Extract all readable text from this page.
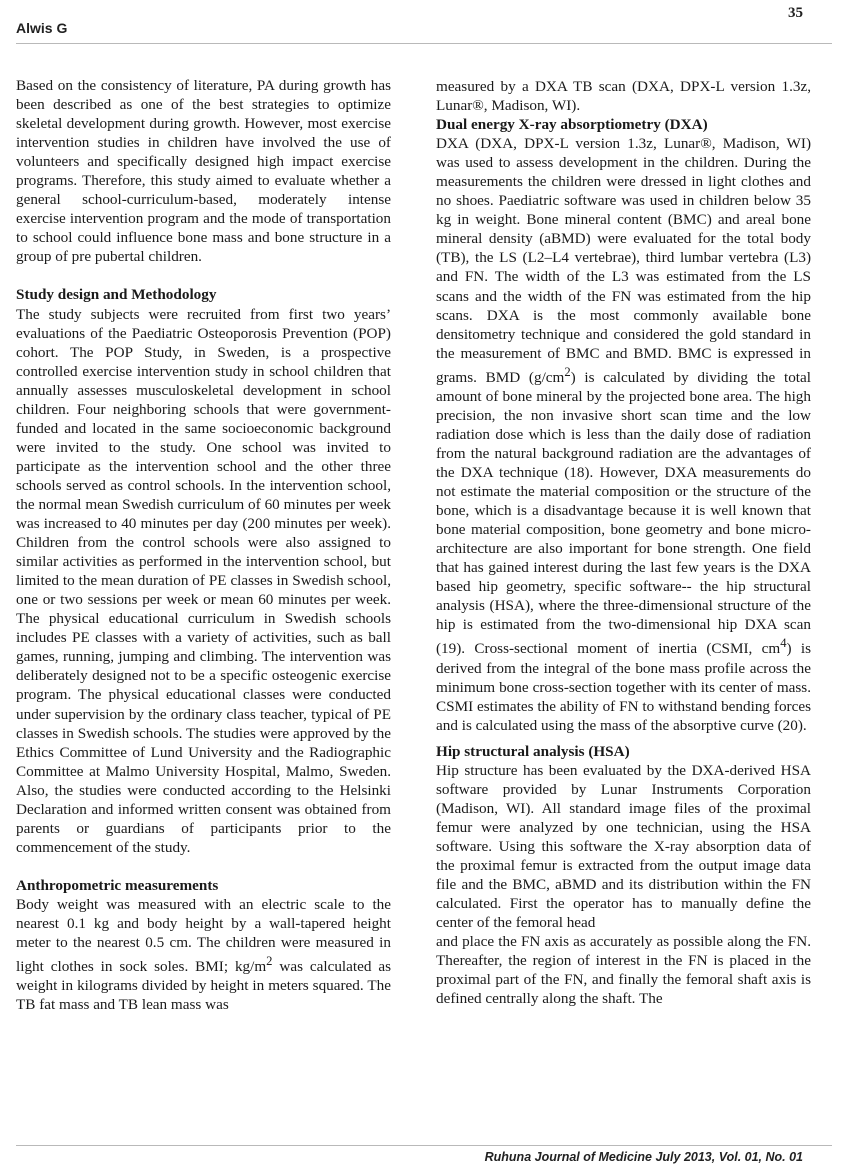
Alwis G
35

Based on the consistency of literature, PA during growth has been described as one of the best strategies to optimize skeletal development during growth. However, most exercise intervention studies in children have involved the use of volunteers and specifically designed high impact exercise programs. Therefore, this study aimed to evaluate whether a general school-curriculum-based, moderately intense exercise intervention program and the mode of transportation to school could influence bone mass and bone structure in a group of pre pubertal children.

Study design and Methodology

The study subjects were recruited from first two years’ evaluations of the Paediatric Osteoporosis Prevention (POP) cohort. The POP Study, in Sweden, is a prospective controlled exercise intervention study in school children that annually assesses musculoskeletal development in school children. Four neighboring schools that were government-funded and located in the same socioeconomic background were invited to the study. One school was invited to participate as the intervention school and the other three schools served as control schools. In the intervention school, the normal mean Swedish curriculum of 60 minutes per week was increased to 40 minutes per day (200 minutes per week). Children from the control schools were also assigned to similar activities as performed in the intervention school, but limited to the mean duration of PE classes in Swedish school, one or two sessions per week or mean 60 minutes per week. The physical educational curriculum in Swedish schools includes PE classes with a variety of activities, such as ball games, running, jumping and climbing. The intervention was deliberately designed not to be a specific osteogenic exercise program. The physical educational classes were conducted under supervision by the ordinary class teacher, typical of PE classes in Swedish schools. The studies were approved by the Ethics Committee of Lund University and the Radiographic Committee at Malmo University Hospital, Malmo, Sweden. Also, the studies were conducted according to the Helsinki Declaration and informed written consent was obtained from parents or guardians of participants prior to the commencement of the study.

Anthropometric measurements

Body weight was measured with an electric scale to the nearest 0.1 kg and body height by a wall-tapered height meter to the nearest 0.5 cm. The children were measured in light clothes in sock soles. BMI; $kg/m^2$ was calculated as weight in kilograms divided by height in meters squared. The TB fat mass and TB lean mass was

measured by a DXA TB scan (DXA, DPX-L version 1.3z, Lunar®, Madison, WI).

Dual energy X-ray absorptiometry (DXA)

DXA (DXA, DPX-L version 1.3z, Lunar®, Madison, WI) was used to assess development in the children. During the measurements the children were dressed in light clothes and no shoes. Paediatric software was used in children below 35 kg in weight. Bone mineral content (BMC) and areal bone mineral density (aBMD) were evaluated for the total body (TB), the LS (L2–L4 vertebrae), third lumbar vertebra (L3) and FN. The width of the L3 was estimated from the LS scans and the width of the FN was estimated from the hip scans. DXA is the most commonly available bone densitometry technique and considered the gold standard in the measurement of BMC and BMD. BMC is expressed in grams. BMD $(g/cm^2)$ is calculated by dividing the total amount of bone mineral by the projected bone area. The high precision, the non invasive short scan time and the low radiation dose which is less than the daily dose of radiation from the natural background radiation are the advantages of the DXA technique (18). However, DXA measurements do not estimate the material composition or the structure of the bone, which is a disadvantage because it is well known that bone material composition, bone geometry and bone micro-architecture are also important for bone strength. One field that has gained interest during the last few years is the DXA based hip geometry, specific software-- the hip structural analysis (HSA), where the three-dimensional structure of the hip is estimated from the two-dimensional hip DXA scan (19). Cross-sectional moment of inertia (CSMI, $cm^4$) is derived from the integral of the bone mass profile across the minimum bone cross-section together with its center of mass. CSMI estimates the ability of FN to withstand bending forces and is calculated using the mass of the absorptive curve (20).

Hip structural analysis (HSA)

Hip structure has been evaluated by the DXA-derived HSA software provided by Lunar Instruments Corporation (Madison, WI). All standard image files of the proximal femur were analyzed by one technician, using the HSA software. Using this software the X-ray absorption data of the proximal femur is extracted from the output image data file and the BMC, aBMD and its distribution within the FN calculated. First the operator has to manually define the center of the femoral head

and place the FN axis as accurately as possible along the FN. Thereafter, the region of interest in the FN is placed in the proximal part of the FN, and finally the femoral shaft axis is defined centrally along the shaft. The

Ruhuna Journal of Medicine July 2013, Vol. 01, No. 01
